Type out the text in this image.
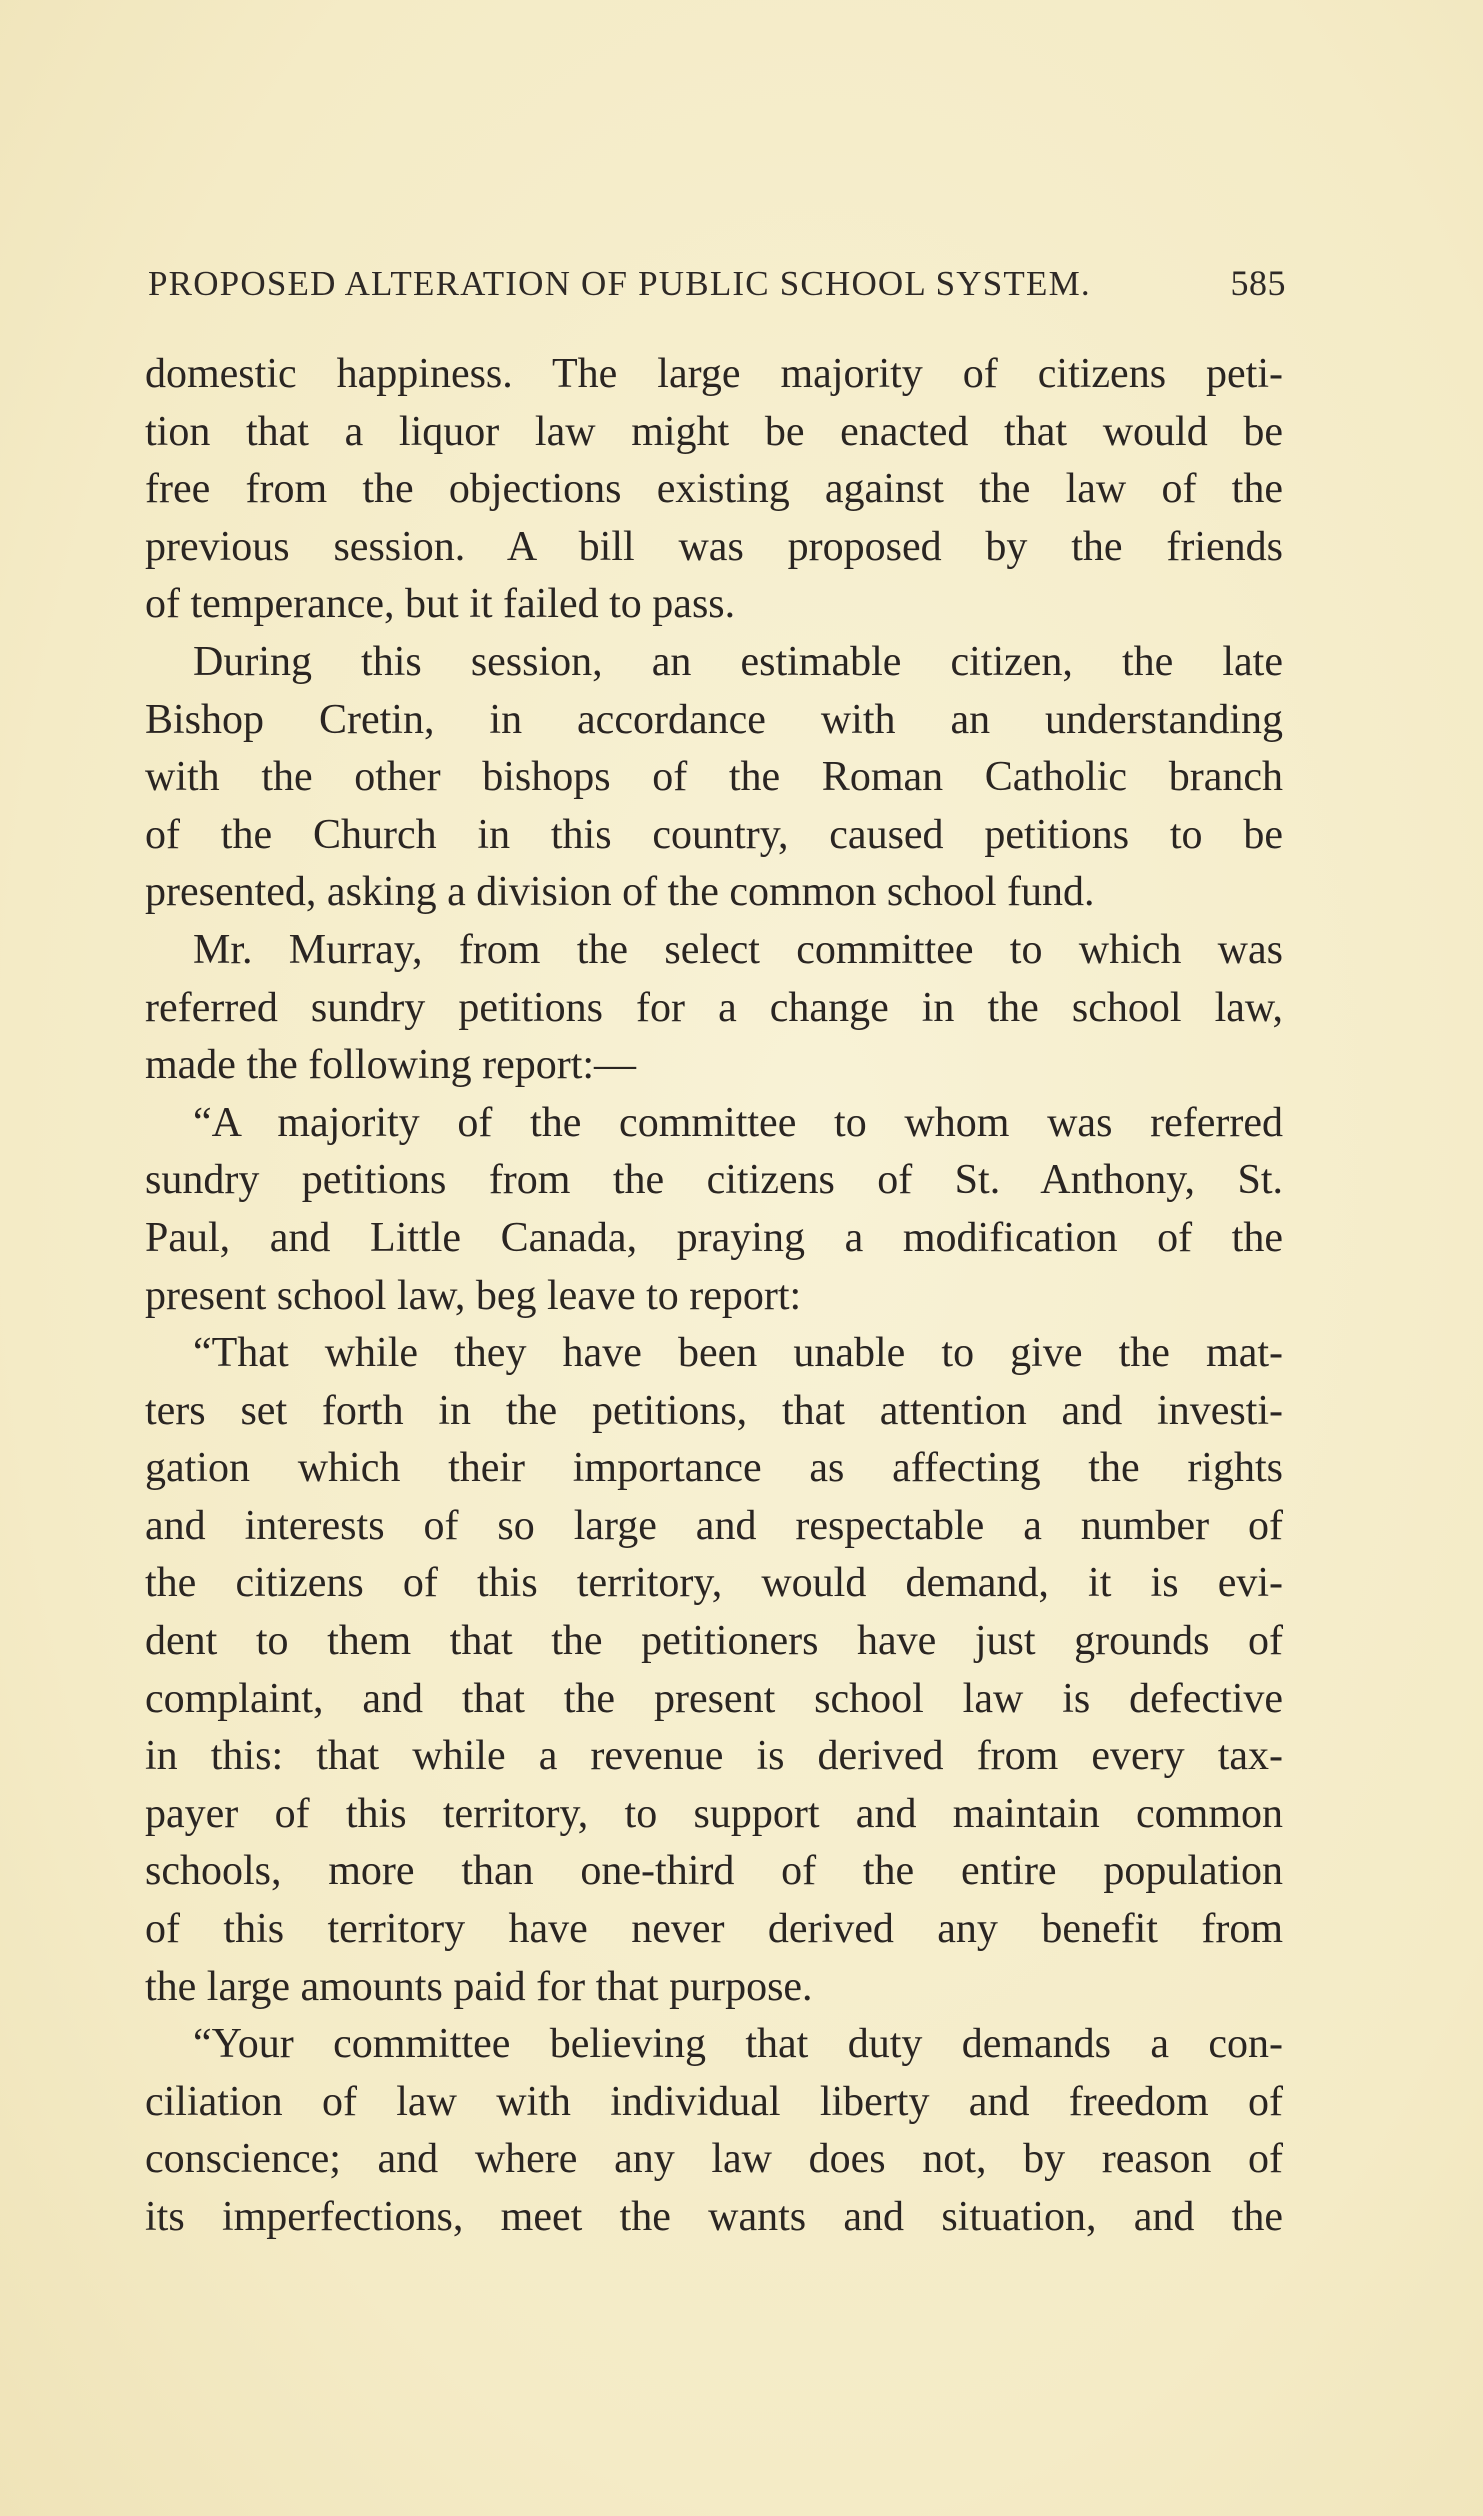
PROPOSED ALTERATION OF PUBLIC SCHOOL SYSTEM.	585
domestic happiness. The large majority of citizens peti-
tion that a liquor law might be enacted that would be
free from the objections existing against the law of the
previous session. A bill was proposed by the friends
of temperance, but it failed to pass.
During this session, an estimable citizen, the late
Bishop Cretin, in accordance with an understanding
with the other bishops of the Roman Catholic branch
of the Church in this country, caused petitions to be
presented, asking a division of the common school fund.
Mr. Murray, from the select committee to which was
referred sundry petitions for a change in the school law,
made the following report:—
“A majority of the committee to whom was referred
sundry petitions from the citizens of St. Anthony, St.
Paul, and Little Canada, praying a modification of the
present school law, beg leave to report:
“That while they have been unable to give the mat-
ters set forth in the petitions, that attention and investi-
gation which their importance as affecting the rights
and interests of so large and respectable a number of
the citizens of this territory, would demand, it is evi-
dent to them that the petitioners have just grounds of
complaint, and that the present school law is defective
in this: that while a revenue is derived from every tax-
payer of this territory, to support and maintain common
schools, more than one-third of the entire population
of this territory have never derived any benefit from
the large amounts paid for that purpose.
“Your committee believing that duty demands a con-
ciliation of law with individual liberty and freedom of
conscience; and where any law does not, by reason of
its imperfections, meet the wants and situation, and the
